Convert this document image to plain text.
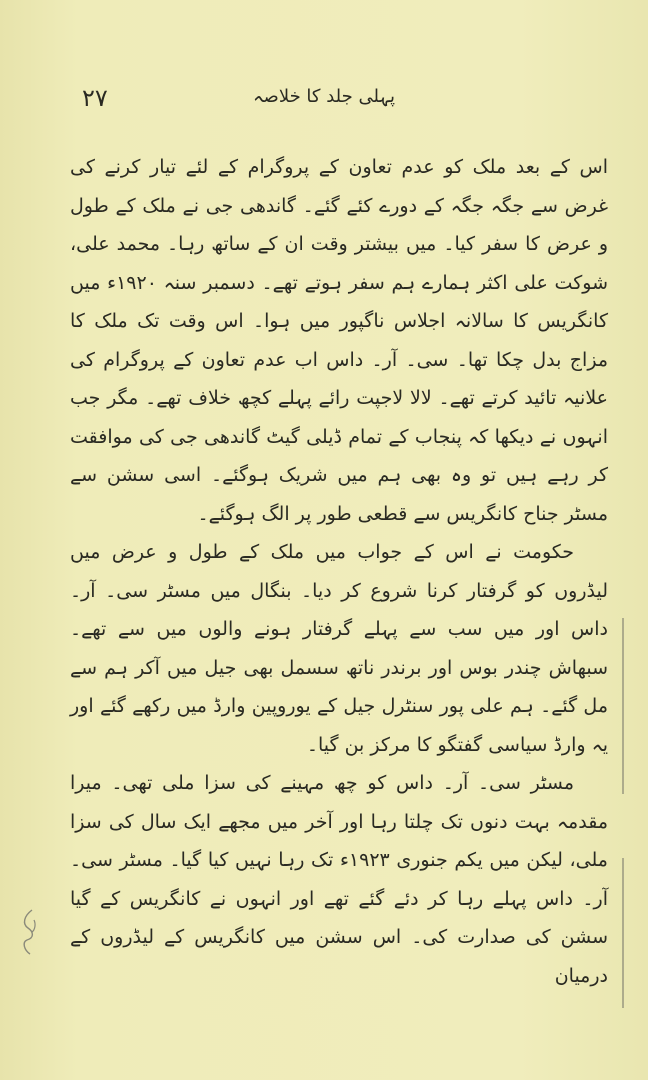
۲۷	پہلی جلد کا خلاصہ

اس کے بعد ملک کو عدم تعاون کے پروگرام کے لئے تیار کرنے کی غرض سے جگہ جگہ کے دورے کئے گئے۔ گاندھی جی نے ملک کے طول و عرض کا سفر کیا۔ میں بیشتر وقت ان کے ساتھ رہا۔ محمد علی، شوکت علی اکثر ہمارے ہم سفر ہوتے تھے۔ دسمبر سنہ ۱۹۲۰ء میں کانگریس کا سالانہ اجلاس ناگپور میں ہوا۔ اس وقت تک ملک کا مزاج بدل چکا تھا۔ سی۔ آر۔ داس اب عدم تعاون کے پروگرام کی علانیہ تائید کرتے تھے۔ لالا لاجپت رائے پہلے کچھ خلاف تھے۔ مگر جب انہوں نے دیکھا کہ پنجاب کے تمام ڈیلی گیٹ گاندھی جی کی موافقت کر رہے ہیں تو وہ بھی ہم میں شریک ہوگئے۔ اسی سشن سے مسٹر جناح کانگریس سے قطعی طور پر الگ ہوگئے۔

حکومت نے اس کے جواب میں ملک کے طول و عرض میں لیڈروں کو گرفتار کرنا شروع کر دیا۔ بنگال میں مسٹر سی۔ آر۔ داس اور میں سب سے پہلے گرفتار ہونے والوں میں سے تھے۔ سبھاش چندر بوس اور برندر ناتھ سسمل بھی جیل میں آکر ہم سے مل گئے۔ ہم علی پور سنٹرل جیل کے یوروپین وارڈ میں رکھے گئے اور یہ وارڈ سیاسی گفتگو کا مرکز بن گیا۔

مسٹر سی۔ آر۔ داس کو چھ مہینے کی سزا ملی تھی۔ میرا مقدمہ بہت دنوں تک چلتا رہا اور آخر میں مجھے ایک سال کی سزا ملی، لیکن میں یکم جنوری ۱۹۲۳ء تک رہا نہیں کیا گیا۔ مسٹر سی۔ آر۔ داس پہلے رہا کر دئے گئے تھے اور انہوں نے کانگریس کے گیا سشن کی صدارت کی۔ اس سشن میں کانگریس کے لیڈروں کے درمیان
